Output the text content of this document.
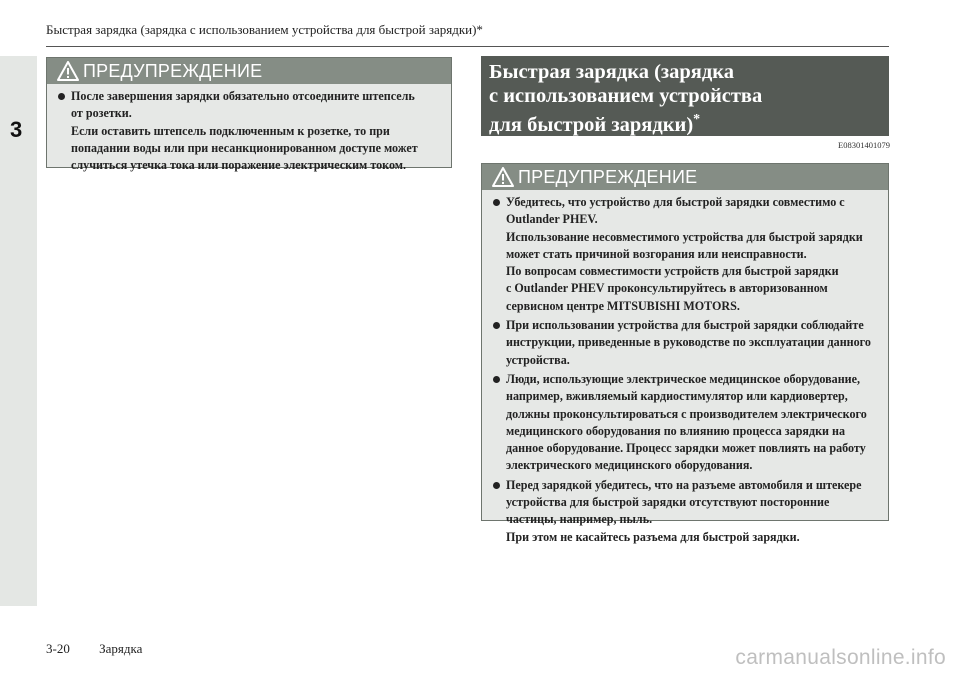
3
Быстрая зарядка (зарядка с использованием устройства для быстрой зарядки)*
ПРЕДУПРЕЖДЕНИЕ
После завершения зарядки обязательно отсоедините штепсель
от розетки.
Если оставить штепсель подключенным к розетке, то при
попадании воды или при несанкционированном доступе может
случиться утечка тока или поражение электрическим током.
Быстрая зарядка (зарядка
с использованием устройства
для быстрой зарядки)*
E08301401079
ПРЕДУПРЕЖДЕНИЕ
Убедитесь, что устройство для быстрой зарядки совместимо с
Outlander PHEV.
Использование несовместимого устройства для быстрой зарядки
может стать причиной возгорания или неисправности.
По вопросам совместимости устройств для быстрой зарядки
с Outlander PHEV проконсультируйтесь в авторизованном
сервисном центре MITSUBISHI MOTORS.
При использовании устройства для быстрой зарядки соблюдайте
инструкции, приведенные в руководстве по эксплуатации данного
устройства.
Люди, использующие электрическое медицинское оборудование,
например, вживляемый кардиостимулятор или кардиовертер,
должны проконсультироваться с производителем электрического
медицинского оборудования по влиянию процесса зарядки на
данное оборудование. Процесс зарядки может повлиять на работу
электрического медицинского оборудования.
Перед зарядкой убедитесь, что на разъеме автомобиля и штекере
устройства для быстрой зарядки отсутствуют посторонние
частицы, например, пыль.
При этом не касайтесь разъема для быстрой зарядки.
3-20 Зарядка	carmanualsonline.info
